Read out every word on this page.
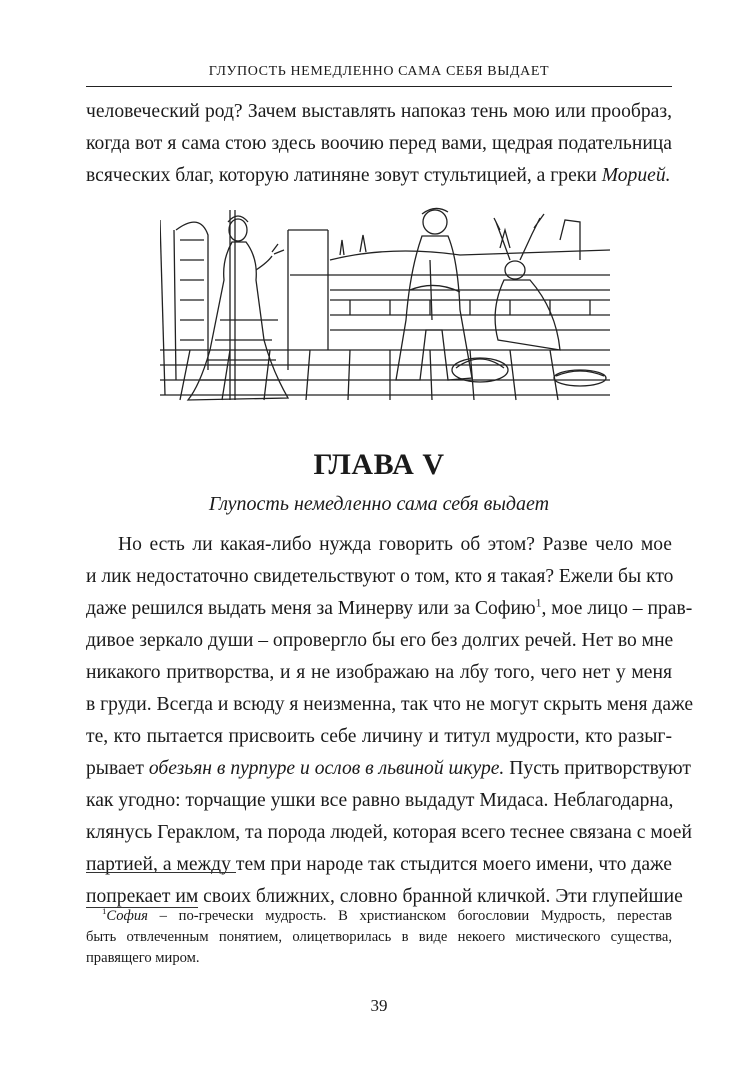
ГЛУПОСТЬ НЕМЕДЛЕННО САМА СЕБЯ ВЫДАЕТ
человеческий род? Зачем выставлять напоказ тень мою или прообраз,
когда вот я сама стою здесь воочию перед вами, щедрая подательница
всяческих благ, которую латиняне зовут стультицией, а греки Морией.
ГЛАВА V
Глупость немедленно сама себя выдает
Но есть ли какая-либо нужда говорить об этом? Разве чело мое
и лик недостаточно свидетельствуют о том, кто я такая? Ежели бы кто
даже решился выдать меня за Минерву или за Софию$^1$, мое лицо – прав-
дивое зеркало души – опровергло бы его без долгих речей. Нет во мне
никакого притворства, и я не изображаю на лбу того, чего нет у меня
в груди. Всегда и всюду я неизменна, так что не могут скрыть меня даже
те, кто пытается присвоить себе личину и титул мудрости, кто разыг-
рывает обезьян в пурпуре и ослов в львиной шкуре. Пусть притворствуют
как угодно: торчащие ушки все равно выдадут Мидаса. Неблагодарна,
клянусь Гераклом, та порода людей, которая всего теснее связана с моей
партией, а между тем при народе так стыдится моего имени, что даже
попрекает им своих ближних, словно бранной кличкой. Эти глупейшие
$^1$София – по-гречески мудрость. В христианском богословии Мудрость, перестав
быть отвлеченным понятием, олицетворилась в виде некоего мистического существа,
правящего миром.
39
